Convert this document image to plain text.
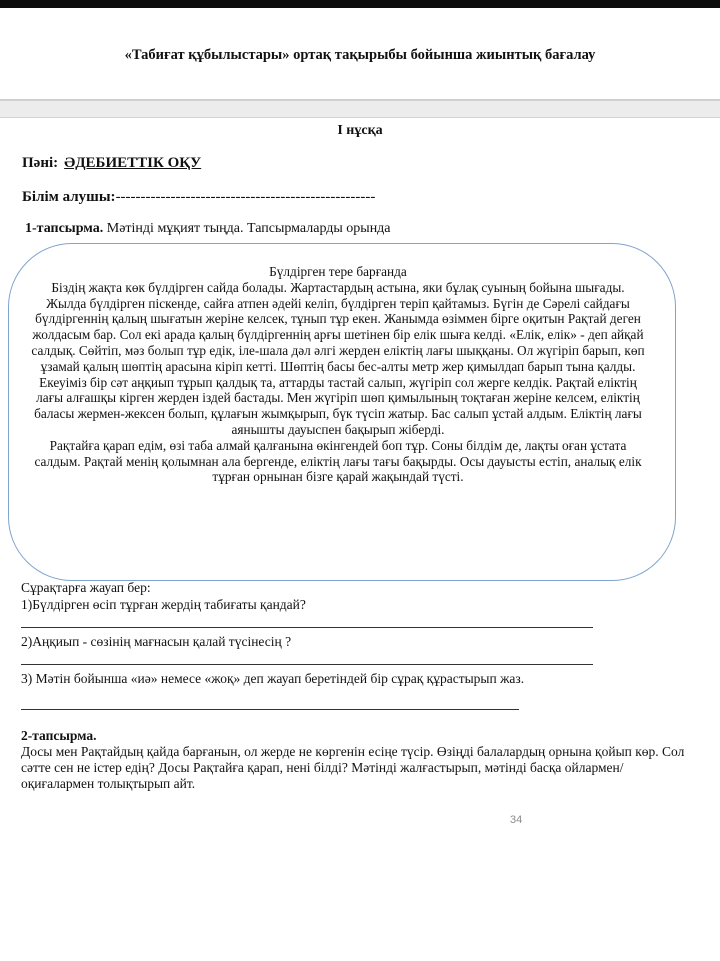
«Табиғат құбылыстары» ортақ тақырыбы бойынша жиынтық бағалау
І нұсқа
Пәні: ӘДЕБИЕТТІК ОҚУ
Білім алушы:----------------------------------------------------
1-тапсырма. Мәтінді мұқият тыңда. Тапсырмаларды орында

Бүлдірген тере барғанда

Біздің жақта көк бүлдірген сайда болады. Жартастардың астына, яки бұлақ суының бойына шығады. Жылда бүлдірген піскенде, сайға атпен әдейі келіп, бүлдірген теріп қайтамыз. Бүгін де Сәрелі сайдағы бүлдіргеннің қалың шығатын жеріне келсек, тұнып тұр екен. Жанымда өзіммен бірге оқитын Рақтай деген жолдасым бар. Сол екі арада қалың бүлдіргеннің арғы шетінен бір елік шыға келді. «Елік, елік» - деп айқай салдық. Сөйтіп, мәз болып тұр едік, іле-шала дәл әлгі жерден еліктің лағы шыққаны. Ол жүгіріп барып, көп ұзамай қалың шөптің арасына кіріп кетті. Шөптің басы бес-алты метр жер қимылдап барып тына қалды. Екеуіміз бір сәт аңқиып тұрып қалдық та, аттарды тастай салып, жүгіріп сол жерге келдік. Рақтай еліктің лағы алғашқы кірген жерден іздей бастады. Мен жүгіріп шөп қимылының тоқтаған жеріне келсем, еліктің баласы жермен-жексен болып, құлағын жымқырып, бүк түсіп жатыр. Бас салып ұстай алдым. Еліктің лағы аянышты дауыспен бақырып жіберді.

Рақтайға қарап едім, өзі таба алмай қалғанына өкінгендей боп тұр. Соны білдім де, лақты оған ұстата салдым. Рақтай менің қолымнан ала бергенде, еліктің лағы тағы бақырды. Осы дауысты естіп, аналық елік тұрған орнынан бізге қарай жақындай түсті.

Сұрақтарға жауап бер:
1)Бүлдірген өсіп тұрған жердің табиғаты қандай?
2)Аңқиып - сөзінің мағнасын қалай түсінесің ?
3) Мәтін бойынша «иә» немесе «жоқ» деп жауап беретіндей бір сұрақ құрастырып жаз.
2-тапсырма.
Досы мен Рақтайдың қайда барғанын, ол жерде не көргенін есіңе түсір. Өзіңді балалардың орнына қойып көр. Сол сәтте сен не істер едің? Досы Рақтайға қарап, нені білді? Мәтінді жалғастырып, мәтінді басқа ойлармен/оқиғалармен толықтырып айт.
34
